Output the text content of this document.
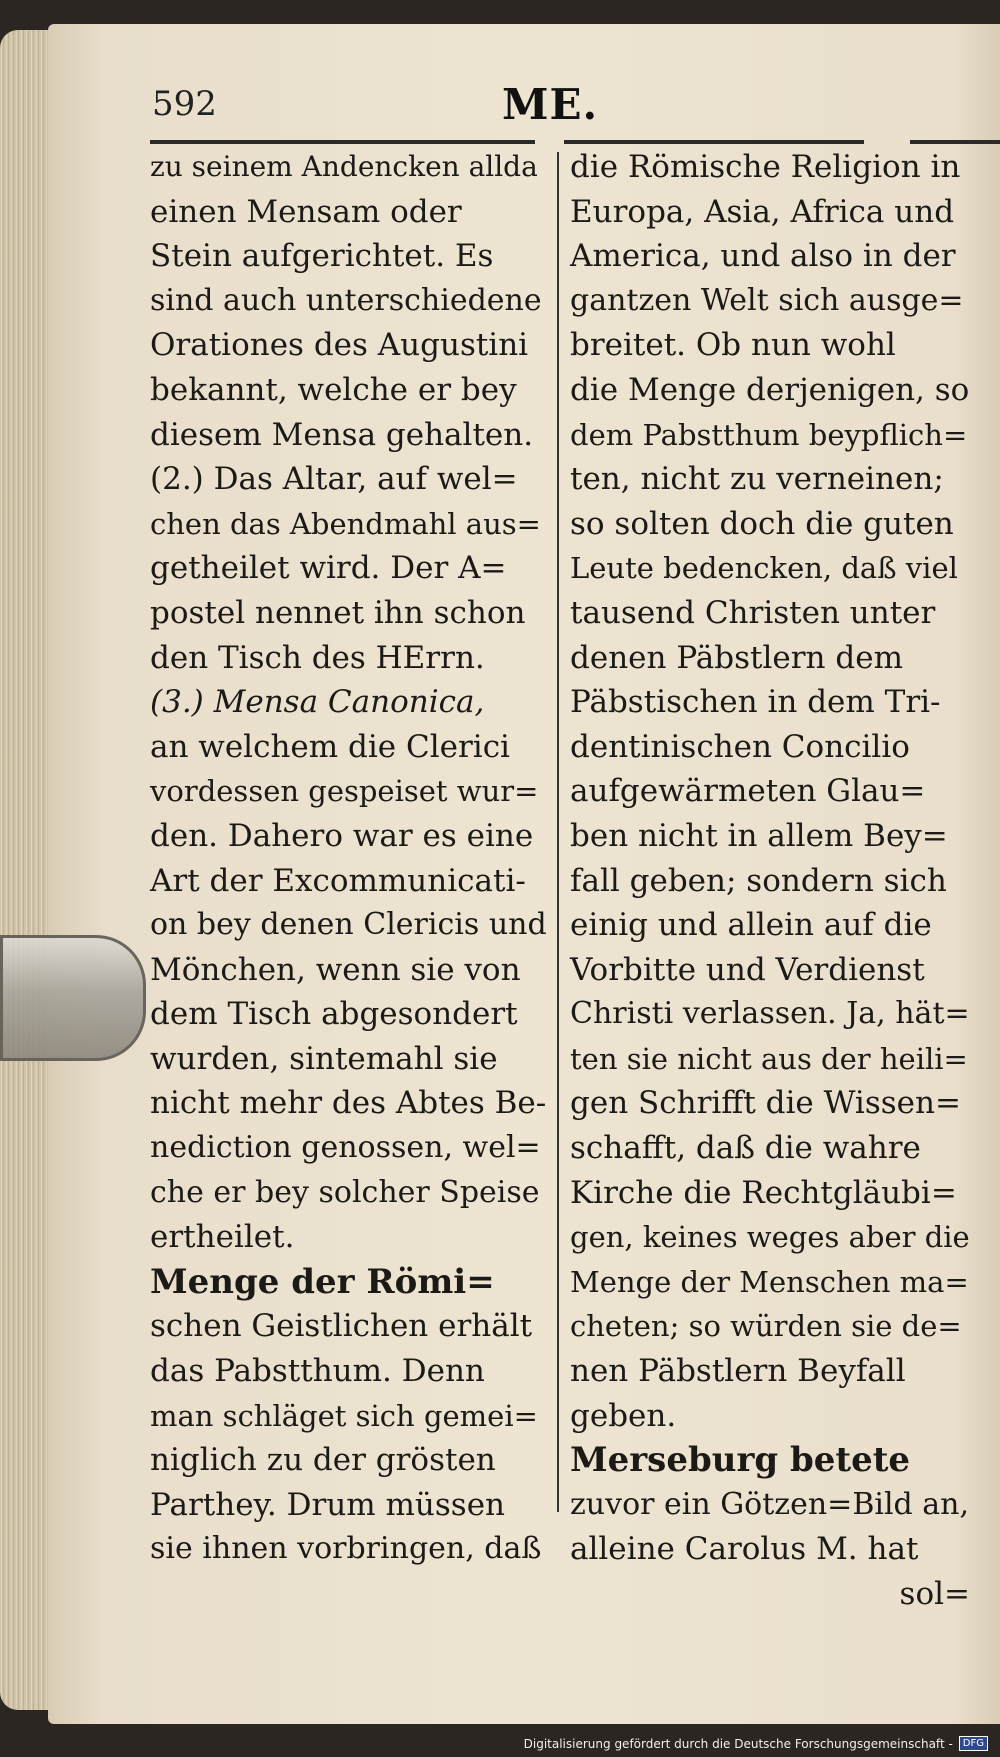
592	ME.
zu seinem Andencken allda
einen Mensam oder
Stein aufgerichtet. Es
sind auch unterschiedene
Orationes des Augustini
bekannt, welche er bey
diesem Mensa gehalten.
(2.) Das Altar, auf wel=
chen das Abendmahl aus=
getheilet wird. Der A=
postel nennet ihn schon
den Tisch des HErrn.
(3.) Mensa Canonica,
an welchem die Clerici
vordessen gespeiset wur=
den. Dahero war es eine
Art der Excommunicati-
on bey denen Clericis und
Mönchen, wenn sie von
dem Tisch abgesondert
wurden, sintemahl sie
nicht mehr des Abtes Be-
nediction genossen, wel=
che er bey solcher Speise
ertheilet.
Menge der Römi=
schen Geistlichen erhält
das Pabstthum. Denn
man schläget sich gemei=
niglich zu der grösten
Parthey. Drum müssen
sie ihnen vorbringen, daß
die Römische Religion in
Europa, Asia, Africa und
America, und also in der
gantzen Welt sich ausge=
breitet. Ob nun wohl
die Menge derjenigen, so
dem Pabstthum beypflich=
ten, nicht zu verneinen;
so solten doch die guten
Leute bedencken, daß viel
tausend Christen unter
denen Päbstlern dem
Päbstischen in dem Tri-
dentinischen Concilio
aufgewärmeten Glau=
ben nicht in allem Bey=
fall geben; sondern sich
einig und allein auf die
Vorbitte und Verdienst
Christi verlassen. Ja, hät=
ten sie nicht aus der heili=
gen Schrifft die Wissen=
schafft, daß die wahre
Kirche die Rechtgläubi=
gen, keines weges aber die
Menge der Menschen ma=
cheten; so würden sie de=
nen Päbstlern Beyfall
geben.
Merseburg betete
zuvor ein Götzen=Bild an,
alleine Carolus M. hat
sol=
Digitalisierung gefördert durch die Deutsche Forschungsgemeinschaft -	DFG
